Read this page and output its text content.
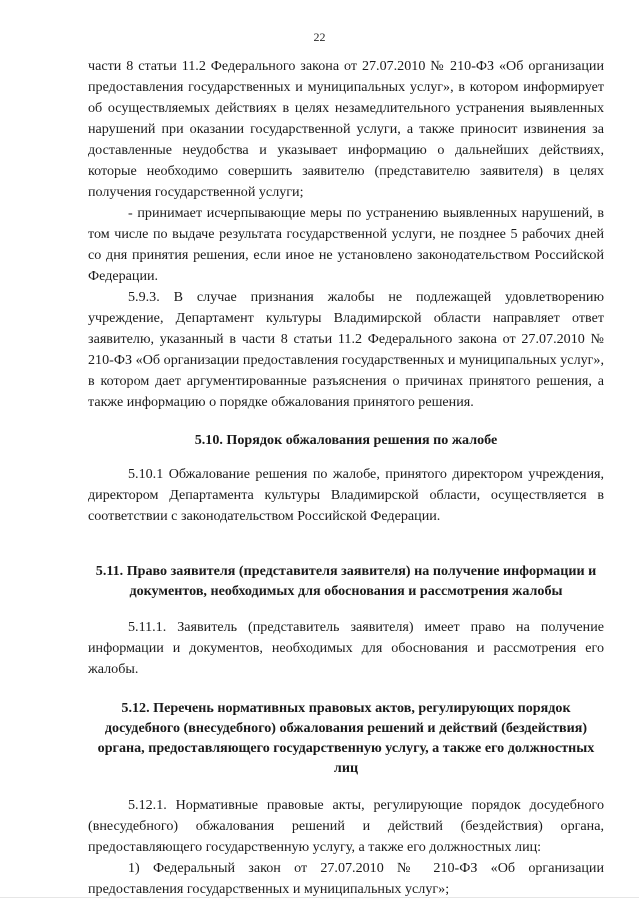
22

части 8 статьи 11.2 Федерального закона от 27.07.2010 № 210-ФЗ «Об организации предоставления государственных и муниципальных услуг», в котором информирует об осуществляемых действиях в целях незамедлительного устранения выявленных нарушений при оказании государственной услуги, а также приносит извинения за доставленные неудобства и указывает информацию о дальнейших действиях, которые необходимо совершить заявителю (представителю заявителя) в целях получения государственной услуги;

- принимает исчерпывающие меры по устранению выявленных нарушений, в том числе по выдаче результата государственной услуги, не позднее 5 рабочих дней со дня принятия решения, если иное не установлено законодательством Российской Федерации.

5.9.3. В случае признания жалобы не подлежащей удовлетворению учреждение, Департамент культуры Владимирской области направляет ответ заявителю, указанный в части 8 статьи 11.2 Федерального закона от 27.07.2010 № 210-ФЗ «Об организации предоставления государственных и муниципальных услуг», в котором дает аргументированные разъяснения о причинах принятого решения, а также информацию о порядке обжалования принятого решения.

5.10. Порядок обжалования решения по жалобе

5.10.1 Обжалование решения по жалобе, принятого директором учреждения, директором Департамента культуры Владимирской области, осуществляется в соответствии с законодательством Российской Федерации.

5.11. Право заявителя (представителя заявителя) на получение информации и документов, необходимых для обоснования и рассмотрения жалобы

5.11.1. Заявитель (представитель заявителя) имеет право на получение информации и документов, необходимых для обоснования и рассмотрения его жалобы.

5.12. Перечень нормативных правовых актов, регулирующих порядок досудебного (внесудебного) обжалования решений и действий (бездействия) органа, предоставляющего государственную услугу, а также его должностных лиц

5.12.1. Нормативные правовые акты, регулирующие порядок досудебного (внесудебного) обжалования решений и действий (бездействия) органа, предоставляющего государственную услугу, а также его должностных лиц:

1) Федеральный закон от 27.07.2010 № 210-ФЗ «Об организации предоставления государственных и муниципальных услуг»;
